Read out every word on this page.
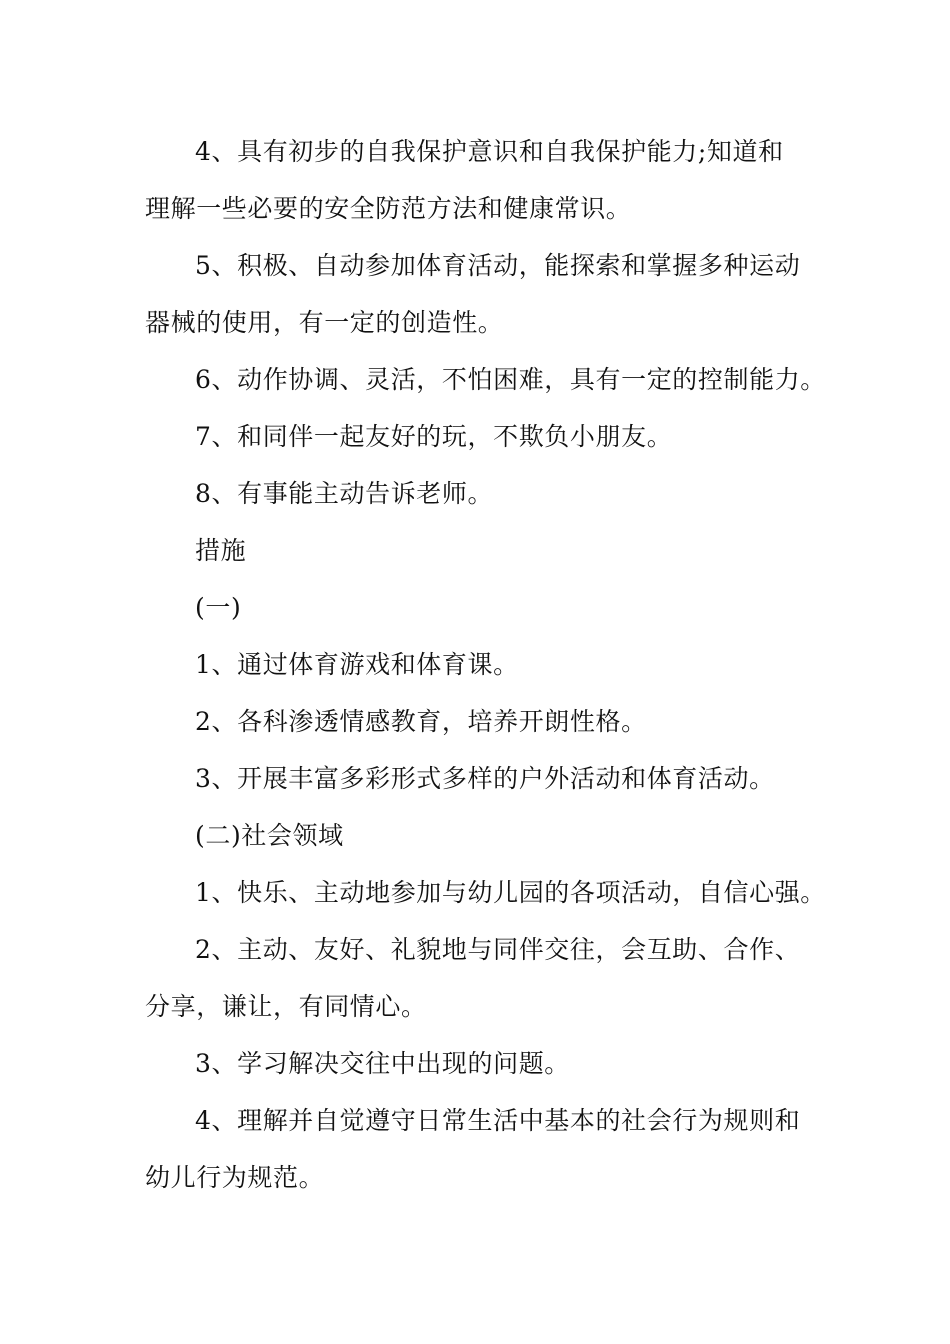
4、具有初步的自我保护意识和自我保护能力;知道和
理解一些必要的安全防范方法和健康常识。
5、积极、自动参加体育活动，能探索和掌握多种运动
器械的使用，有一定的创造性。
6、动作协调、灵活，不怕困难，具有一定的控制能力。
7、和同伴一起友好的玩，不欺负小朋友。
8、有事能主动告诉老师。
措施
(一)
1、通过体育游戏和体育课。
2、各科渗透情感教育，培养开朗性格。
3、开展丰富多彩形式多样的户外活动和体育活动。
(二)社会领域
1、快乐、主动地参加与幼儿园的各项活动，自信心强。
2、主动、友好、礼貌地与同伴交往，会互助、合作、
分享，谦让，有同情心。
3、学习解决交往中出现的问题。
4、理解并自觉遵守日常生活中基本的社会行为规则和
幼儿行为规范。
